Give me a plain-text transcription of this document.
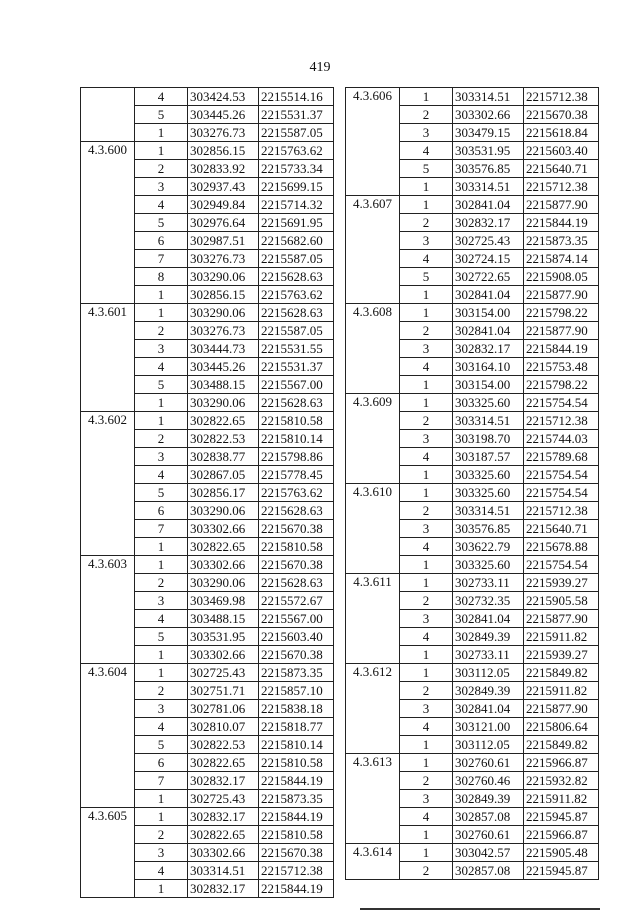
419
	4	303424.53	2215514.16
	5	303445.26	2215531.37
	1	303276.73	2215587.05
4.3.600	1	302856.15	2215763.62
	2	302833.92	2215733.34
	3	302937.43	2215699.15
	4	302949.84	2215714.32
	5	302976.64	2215691.95
	6	302987.51	2215682.60
	7	303276.73	2215587.05
	8	303290.06	2215628.63
	1	302856.15	2215763.62
4.3.601	1	303290.06	2215628.63
	2	303276.73	2215587.05
	3	303444.73	2215531.55
	4	303445.26	2215531.37
	5	303488.15	2215567.00
	1	303290.06	2215628.63
4.3.602	1	302822.65	2215810.58
	2	302822.53	2215810.14
	3	302838.77	2215798.86
	4	302867.05	2215778.45
	5	302856.17	2215763.62
	6	303290.06	2215628.63
	7	303302.66	2215670.38
	1	302822.65	2215810.58
4.3.603	1	303302.66	2215670.38
	2	303290.06	2215628.63
	3	303469.98	2215572.67
	4	303488.15	2215567.00
	5	303531.95	2215603.40
	1	303302.66	2215670.38
4.3.604	1	302725.43	2215873.35
	2	302751.71	2215857.10
	3	302781.06	2215838.18
	4	302810.07	2215818.77
	5	302822.53	2215810.14
	6	302822.65	2215810.58
	7	302832.17	2215844.19
	1	302725.43	2215873.35
4.3.605	1	302832.17	2215844.19
	2	302822.65	2215810.58
	3	303302.66	2215670.38
	4	303314.51	2215712.38
	1	302832.17	2215844.19
4.3.606	1	303314.51	2215712.38
	2	303302.66	2215670.38
	3	303479.15	2215618.84
	4	303531.95	2215603.40
	5	303576.85	2215640.71
	1	303314.51	2215712.38
4.3.607	1	302841.04	2215877.90
	2	302832.17	2215844.19
	3	302725.43	2215873.35
	4	302724.15	2215874.14
	5	302722.65	2215908.05
	1	302841.04	2215877.90
4.3.608	1	303154.00	2215798.22
	2	302841.04	2215877.90
	3	302832.17	2215844.19
	4	303164.10	2215753.48
	1	303154.00	2215798.22
4.3.609	1	303325.60	2215754.54
	2	303314.51	2215712.38
	3	303198.70	2215744.03
	4	303187.57	2215789.68
	1	303325.60	2215754.54
4.3.610	1	303325.60	2215754.54
	2	303314.51	2215712.38
	3	303576.85	2215640.71
	4	303622.79	2215678.88
	1	303325.60	2215754.54
4.3.611	1	302733.11	2215939.27
	2	302732.35	2215905.58
	3	302841.04	2215877.90
	4	302849.39	2215911.82
	1	302733.11	2215939.27
4.3.612	1	303112.05	2215849.82
	2	302849.39	2215911.82
	3	302841.04	2215877.90
	4	303121.00	2215806.64
	1	303112.05	2215849.82
4.3.613	1	302760.61	2215966.87
	2	302760.46	2215932.82
	3	302849.39	2215911.82
	4	302857.08	2215945.87
	1	302760.61	2215966.87
4.3.614	1	303042.57	2215905.48
	2	302857.08	2215945.87
